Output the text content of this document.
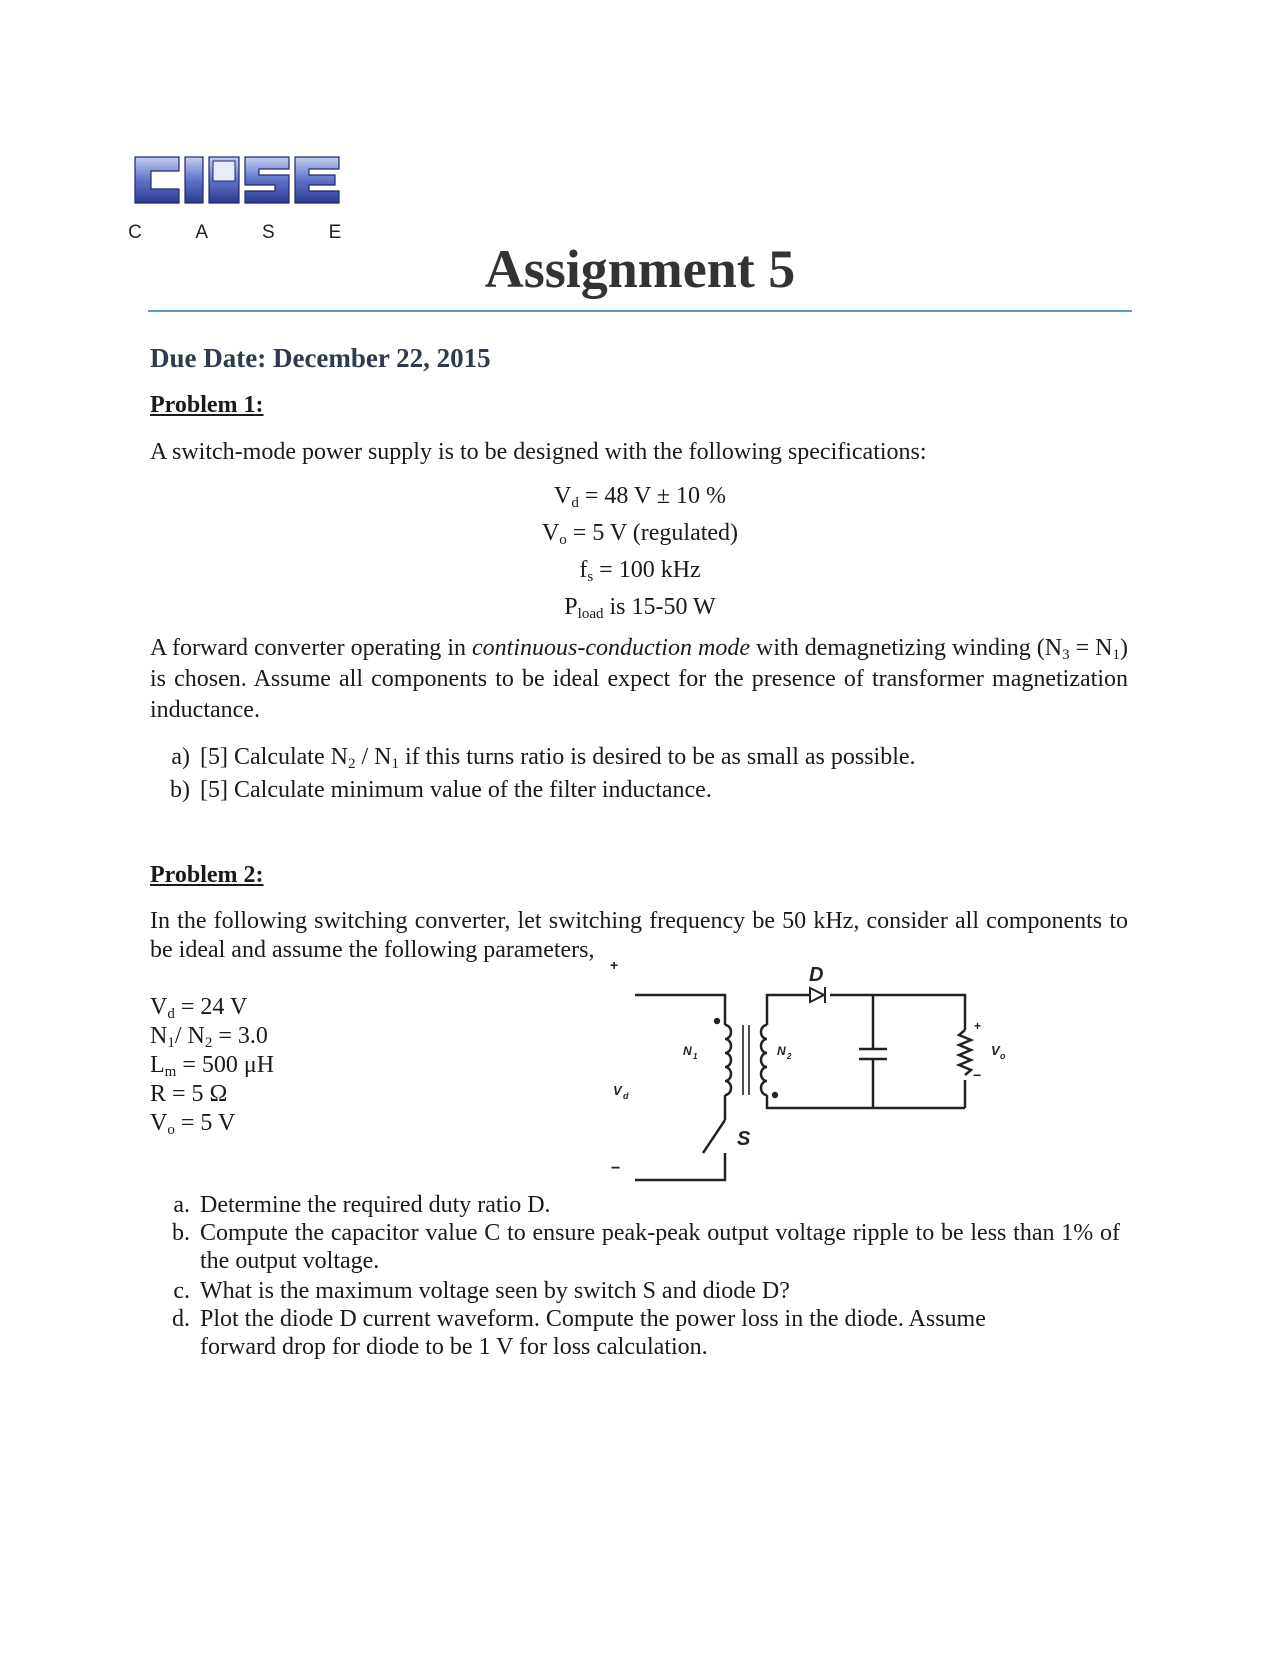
C	A	S	E
Assignment 5
Due Date: December 22, 2015
Problem 1:
A switch-mode power supply is to be designed with the following specifications:
$V_d = 48$ V ± 10 %
$V_o = 5$ V (regulated)
$f_s = 100$ kHz
$P_{load}$ is 15-50 W
A forward converter operating in continuous-conduction mode with demagnetizing winding $(N_3 = N_1)$ is chosen. Assume all components to be ideal expect for the presence of transformer magnetization inductance.
a) [5] Calculate $N_2 / N_1$ if this turns ratio is desired to be as small as possible.
b) [5] Calculate minimum value of the filter inductance.
Problem 2:
In the following switching converter, let switching frequency be 50 kHz, consider all components to be ideal and assume the following parameters,
$V_d = 24$ V
$N_1/$ $N_2 = 3.0$
$L_m = 500$ μH
R = 5 Ω
$V_o = 5$ V
D
S
V d
N 1	N 2	V o
+
−
+
−
a. Determine the required duty ratio D.
b. Compute the capacitor value C to ensure peak-peak output voltage ripple to be less than 1% of the output voltage.
c. What is the maximum voltage seen by switch S and diode D?
d. Plot the diode D current waveform. Compute the power loss in the diode. Assume forward drop for diode to be 1 V for loss calculation.
